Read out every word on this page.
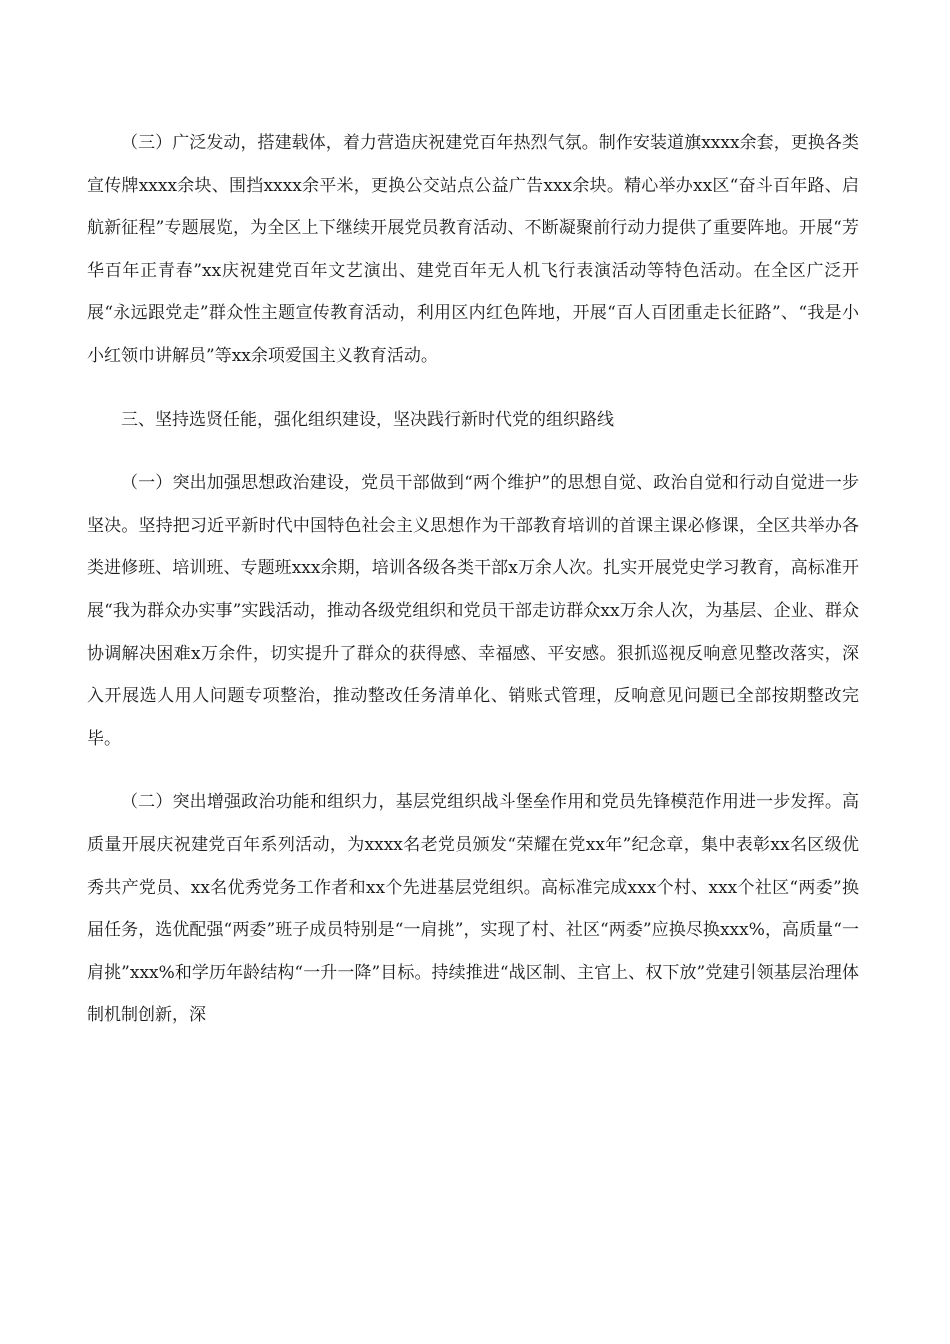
（三）广泛发动，搭建载体，着力营造庆祝建党百年热烈气氛。制作安装道旗xxxx余套，更换各类宣传牌xxxx余块、围挡xxxx余平米，更换公交站点公益广告xxx余块。精心举办xx区“奋斗百年路、启航新征程”专题展览，为全区上下继续开展党员教育活动、不断凝聚前行动力提供了重要阵地。开展“芳华百年正青春”xx庆祝建党百年文艺演出、建党百年无人机飞行表演活动等特色活动。在全区广泛开展“永远跟党走”群众性主题宣传教育活动，利用区内红色阵地，开展“百人百团重走长征路”、“我是小小红领巾讲解员”等xx余项爱国主义教育活动。

三、坚持选贤任能，强化组织建设，坚决践行新时代党的组织路线

（一）突出加强思想政治建设，党员干部做到“两个维护”的思想自觉、政治自觉和行动自觉进一步坚决。坚持把习近平新时代中国特色社会主义思想作为干部教育培训的首课主课必修课，全区共举办各类进修班、培训班、专题班xxx余期，培训各级各类干部x万余人次。扎实开展党史学习教育，高标准开展“我为群众办实事”实践活动，推动各级党组织和党员干部走访群众xx万余人次，为基层、企业、群众协调解决困难x万余件，切实提升了群众的获得感、幸福感、平安感。狠抓巡视反响意见整改落实，深入开展选人用人问题专项整治，推动整改任务清单化、销账式管理，反响意见问题已全部按期整改完毕。

（二）突出增强政治功能和组织力，基层党组织战斗堡垒作用和党员先锋模范作用进一步发挥。高质量开展庆祝建党百年系列活动，为xxxx名老党员颁发“荣耀在党xx年”纪念章，集中表彰xx名区级优秀共产党员、xx名优秀党务工作者和xx个先进基层党组织。高标准完成xxx个村、xxx个社区“两委”换届任务，选优配强“两委”班子成员特别是“一肩挑”，实现了村、社区“两委”应换尽换xxx%，高质量“一肩挑”xxx%和学历年龄结构“一升一降”目标。持续推进“战区制、主官上、权下放”党建引领基层治理体制机制创新，深
